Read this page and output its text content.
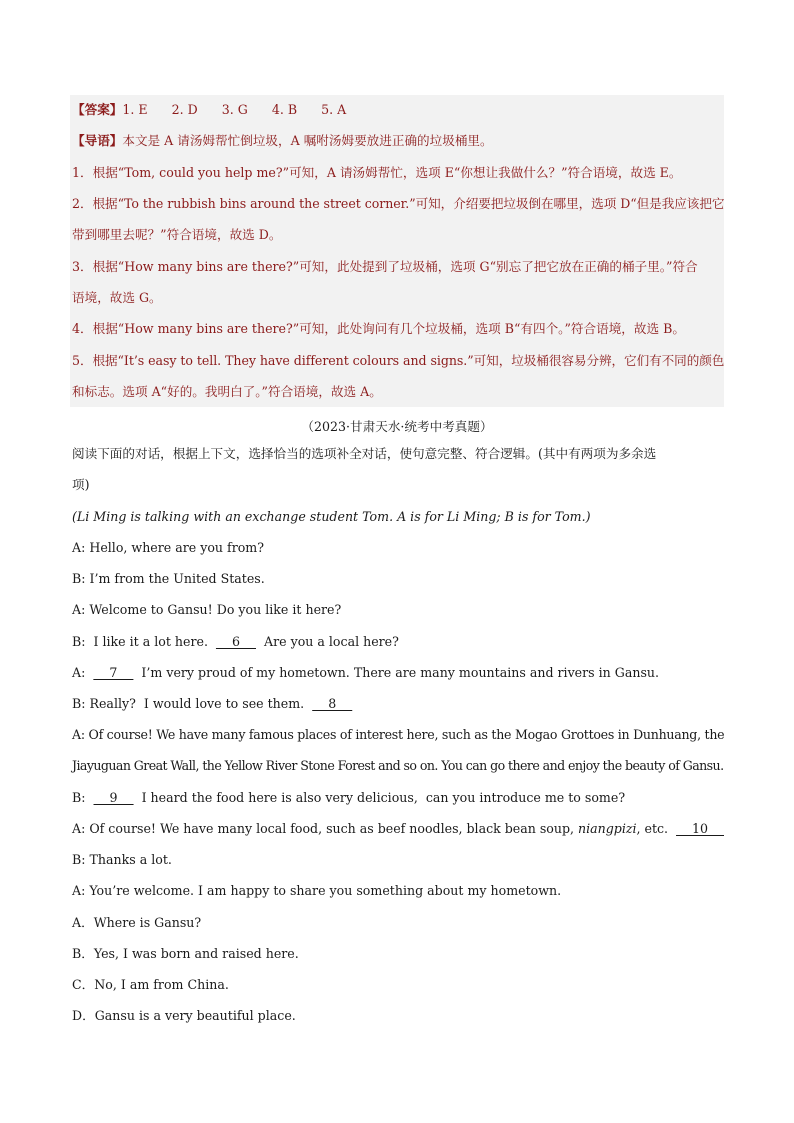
【答案】1. E      2. D      3. G      4. B      5. A
【导语】本文是 A 请汤姆帮忙倒垃圾，A 嘱咐汤姆要放进正确的垃圾桶里。
1．根据“Tom, could you help me?”可知，A 请汤姆帮忙，选项 E“你想让我做什么？”符合语境，故选 E。
2．根据“To the rubbish bins around the street corner.”可知，介绍要把垃圾倒在哪里，选项 D“但是我应该把它
带到哪里去呢？”符合语境，故选 D。
3．根据“How many bins are there?”可知，此处提到了垃圾桶，选项 G“别忘了把它放在正确的桶子里。”符合
语境，故选 G。
4．根据“How many bins are there?”可知，此处询问有几个垃圾桶，选项 B“有四个。”符合语境，故选 B。
5．根据“It’s easy to tell. They have different colours and signs.”可知，垃圾桶很容易分辨，它们有不同的颜色
和标志。选项 A“好的。我明白了。”符合语境，故选 A。
（2023·甘肃天水·统考中考真题）
阅读下面的对话，根据上下文，选择恰当的选项补全对话，使句意完整、符合逻辑。(其中有两项为多余选
项)
(Li Ming is talking with an exchange student Tom. A is for Li Ming; B is for Tom.)
A: Hello, where are you from?
B: I’m from the United States.
A: Welcome to Gansu! Do you like it here?
B:  I like it a lot here.      6      Are you a local here?
A:      7      I’m very proud of my hometown. There are many mountains and rivers in Gansu.
B: Really?  I would love to see them.      8
A: Of course! We have many famous places of interest here, such as the Mogao Grottoes in Dunhuang, the
Jiayuguan Great Wall, the Yellow River Stone Forest and so on. You can go there and enjoy the beauty of Gansu.
B:      9      I heard the food here is also very delicious,  can you introduce me to some?
A: Of course! We have many local food, such as beef noodles, black bean soup, niangpizi, etc.      10
B: Thanks a lot.
A: You’re welcome. I am happy to share you something about my hometown.
A．Where is Gansu?
B．Yes, I was born and raised here.
C．No, I am from China.
D．Gansu is a very beautiful place.
